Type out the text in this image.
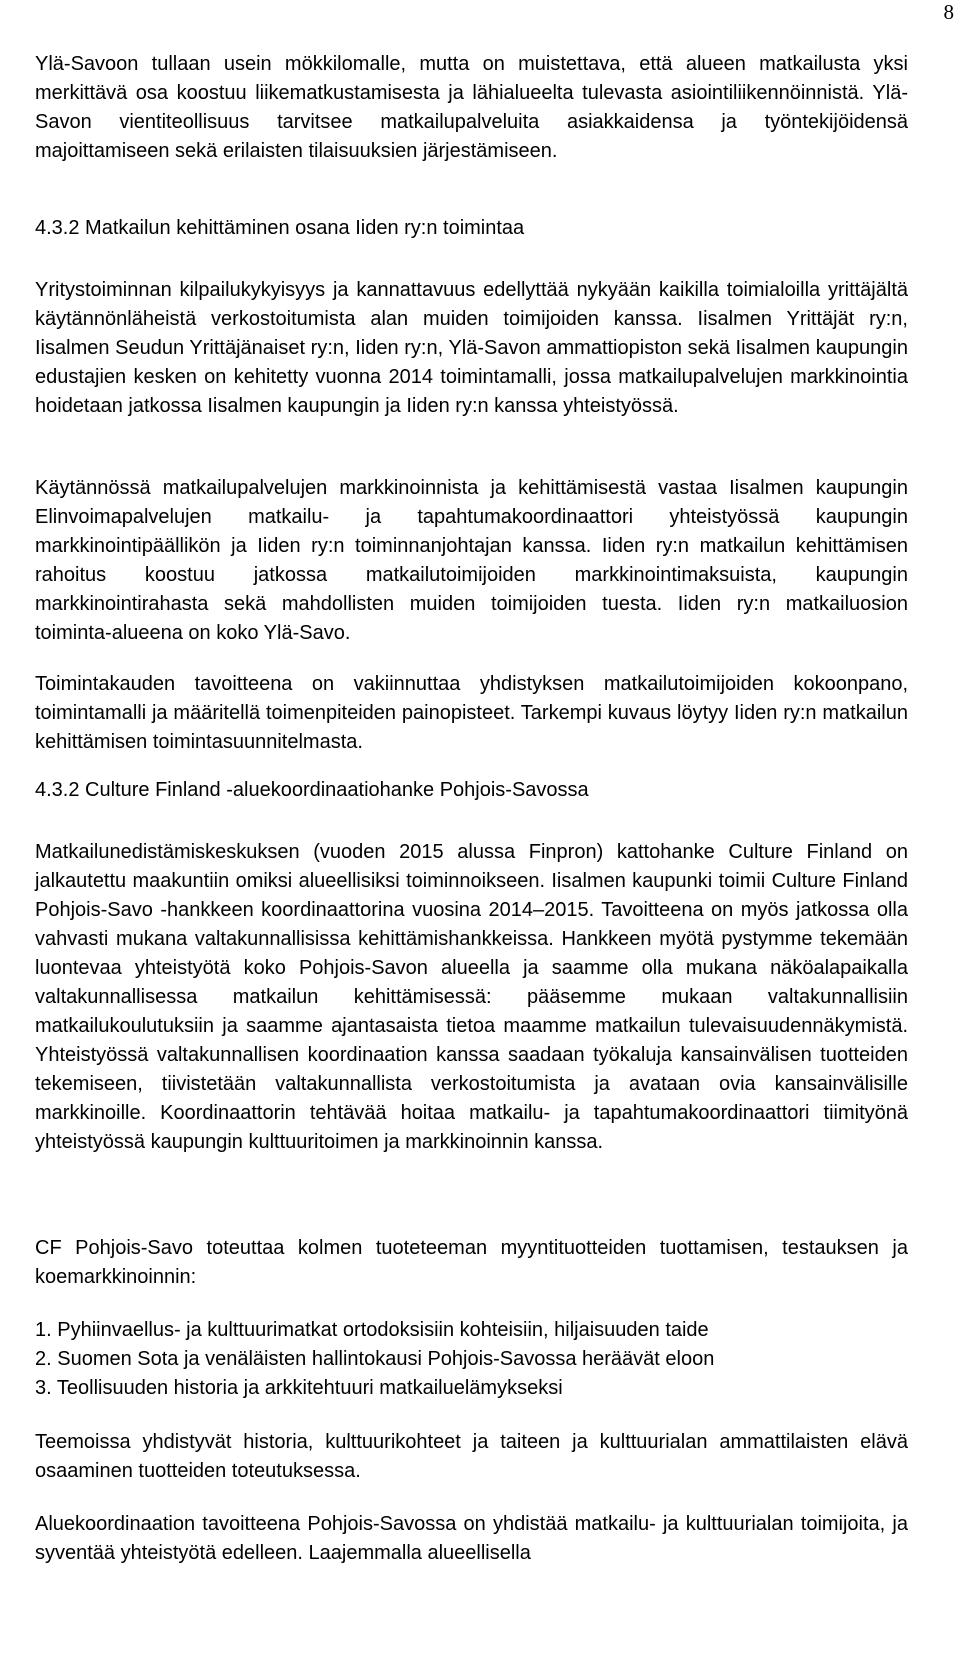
8

Ylä-Savoon tullaan usein mökkilomalle, mutta on muistettava, että alueen matkailusta yksi merkittävä osa koostuu liikematkustamisesta ja lähialueelta tulevasta asiointiliikennöinnistä. Ylä-Savon vientiteollisuus tarvitsee matkailupalveluita asiakkaidensa ja työntekijöidensä majoittamiseen sekä erilaisten tilaisuuksien järjestämiseen.

4.3.2 Matkailun kehittäminen osana Iiden ry:n toimintaa

Yritystoiminnan kilpailukykyisyys ja kannattavuus edellyttää nykyään kaikilla toimialoilla yrittäjältä käytännönläheistä verkostoitumista alan muiden toimijoiden kanssa. Iisalmen Yrittäjät ry:n, Iisalmen Seudun Yrittäjänaiset ry:n, Iiden ry:n, Ylä-Savon ammattiopiston sekä Iisalmen kaupungin edustajien kesken on kehitetty vuonna 2014 toimintamalli, jossa matkailupalvelujen markkinointia hoidetaan jatkossa Iisalmen kaupungin ja Iiden ry:n kanssa yhteistyössä.

Käytännössä matkailupalvelujen markkinoinnista ja kehittämisestä vastaa Iisalmen kaupungin Elinvoimapalvelujen matkailu- ja tapahtumakoordinaattori yhteistyössä kaupungin markkinointipäällikön ja Iiden ry:n toiminnanjohtajan kanssa. Iiden ry:n matkailun kehittämisen rahoitus koostuu jatkossa matkailutoimijoiden markkinointimaksuista, kaupungin markkinointirahasta sekä mahdollisten muiden toimijoiden tuesta. Iiden ry:n matkailuosion toiminta-alueena on koko Ylä-Savo.

Toimintakauden tavoitteena on vakiinnuttaa yhdistyksen matkailutoimijoiden kokoonpano, toimintamalli ja määritellä toimenpiteiden painopisteet. Tarkempi kuvaus löytyy Iiden ry:n matkailun kehittämisen toimintasuunnitelmasta.

4.3.2 Culture Finland -aluekoordinaatiohanke Pohjois-Savossa

Matkailunedistämiskeskuksen (vuoden 2015 alussa Finpron) kattohanke Culture Finland on jalkautettu maakuntiin omiksi alueellisiksi toiminnoikseen. Iisalmen kaupunki toimii Culture Finland Pohjois-Savo -hankkeen koordinaattorina vuosina 2014–2015. Tavoitteena on myös jatkossa olla vahvasti mukana valtakunnallisissa kehittämishankkeissa. Hankkeen myötä pystymme tekemään luontevaa yhteistyötä koko Pohjois-Savon alueella ja saamme olla mukana näköalapaikalla valtakunnallisessa matkailun kehittämisessä: pääsemme mukaan valtakunnallisiin matkailukoulutuksiin ja saamme ajantasaista tietoa maamme matkailun tulevaisuudennäkymistä. Yhteistyössä valtakunnallisen koordinaation kanssa saadaan työkaluja kansainvälisen tuotteiden tekemiseen, tiivistetään valtakunnallista verkostoitumista ja avataan ovia kansainvälisille markkinoille. Koordinaattorin tehtävää hoitaa matkailu- ja tapahtumakoordinaattori tiimityönä yhteistyössä kaupungin kulttuuritoimen ja markkinoinnin kanssa.

CF Pohjois-Savo toteuttaa kolmen tuoteteeman myyntituotteiden tuottamisen, testauksen ja koemarkkinoinnin:

1. Pyhiinvaellus- ja kulttuurimatkat ortodoksisiin kohteisiin, hiljaisuuden taide
2. Suomen Sota ja venäläisten hallintokausi Pohjois-Savossa heräävät eloon
3. Teollisuuden historia ja arkkitehtuuri matkailuelämykseksi

Teemoissa yhdistyvät historia, kulttuurikohteet ja taiteen ja kulttuurialan ammattilaisten elävä osaaminen tuotteiden toteutuksessa.

Aluekoordinaation tavoitteena Pohjois-Savossa on yhdistää matkailu- ja kulttuurialan toimijoita, ja syventää yhteistyötä edelleen. Laajemmalla alueellisella
